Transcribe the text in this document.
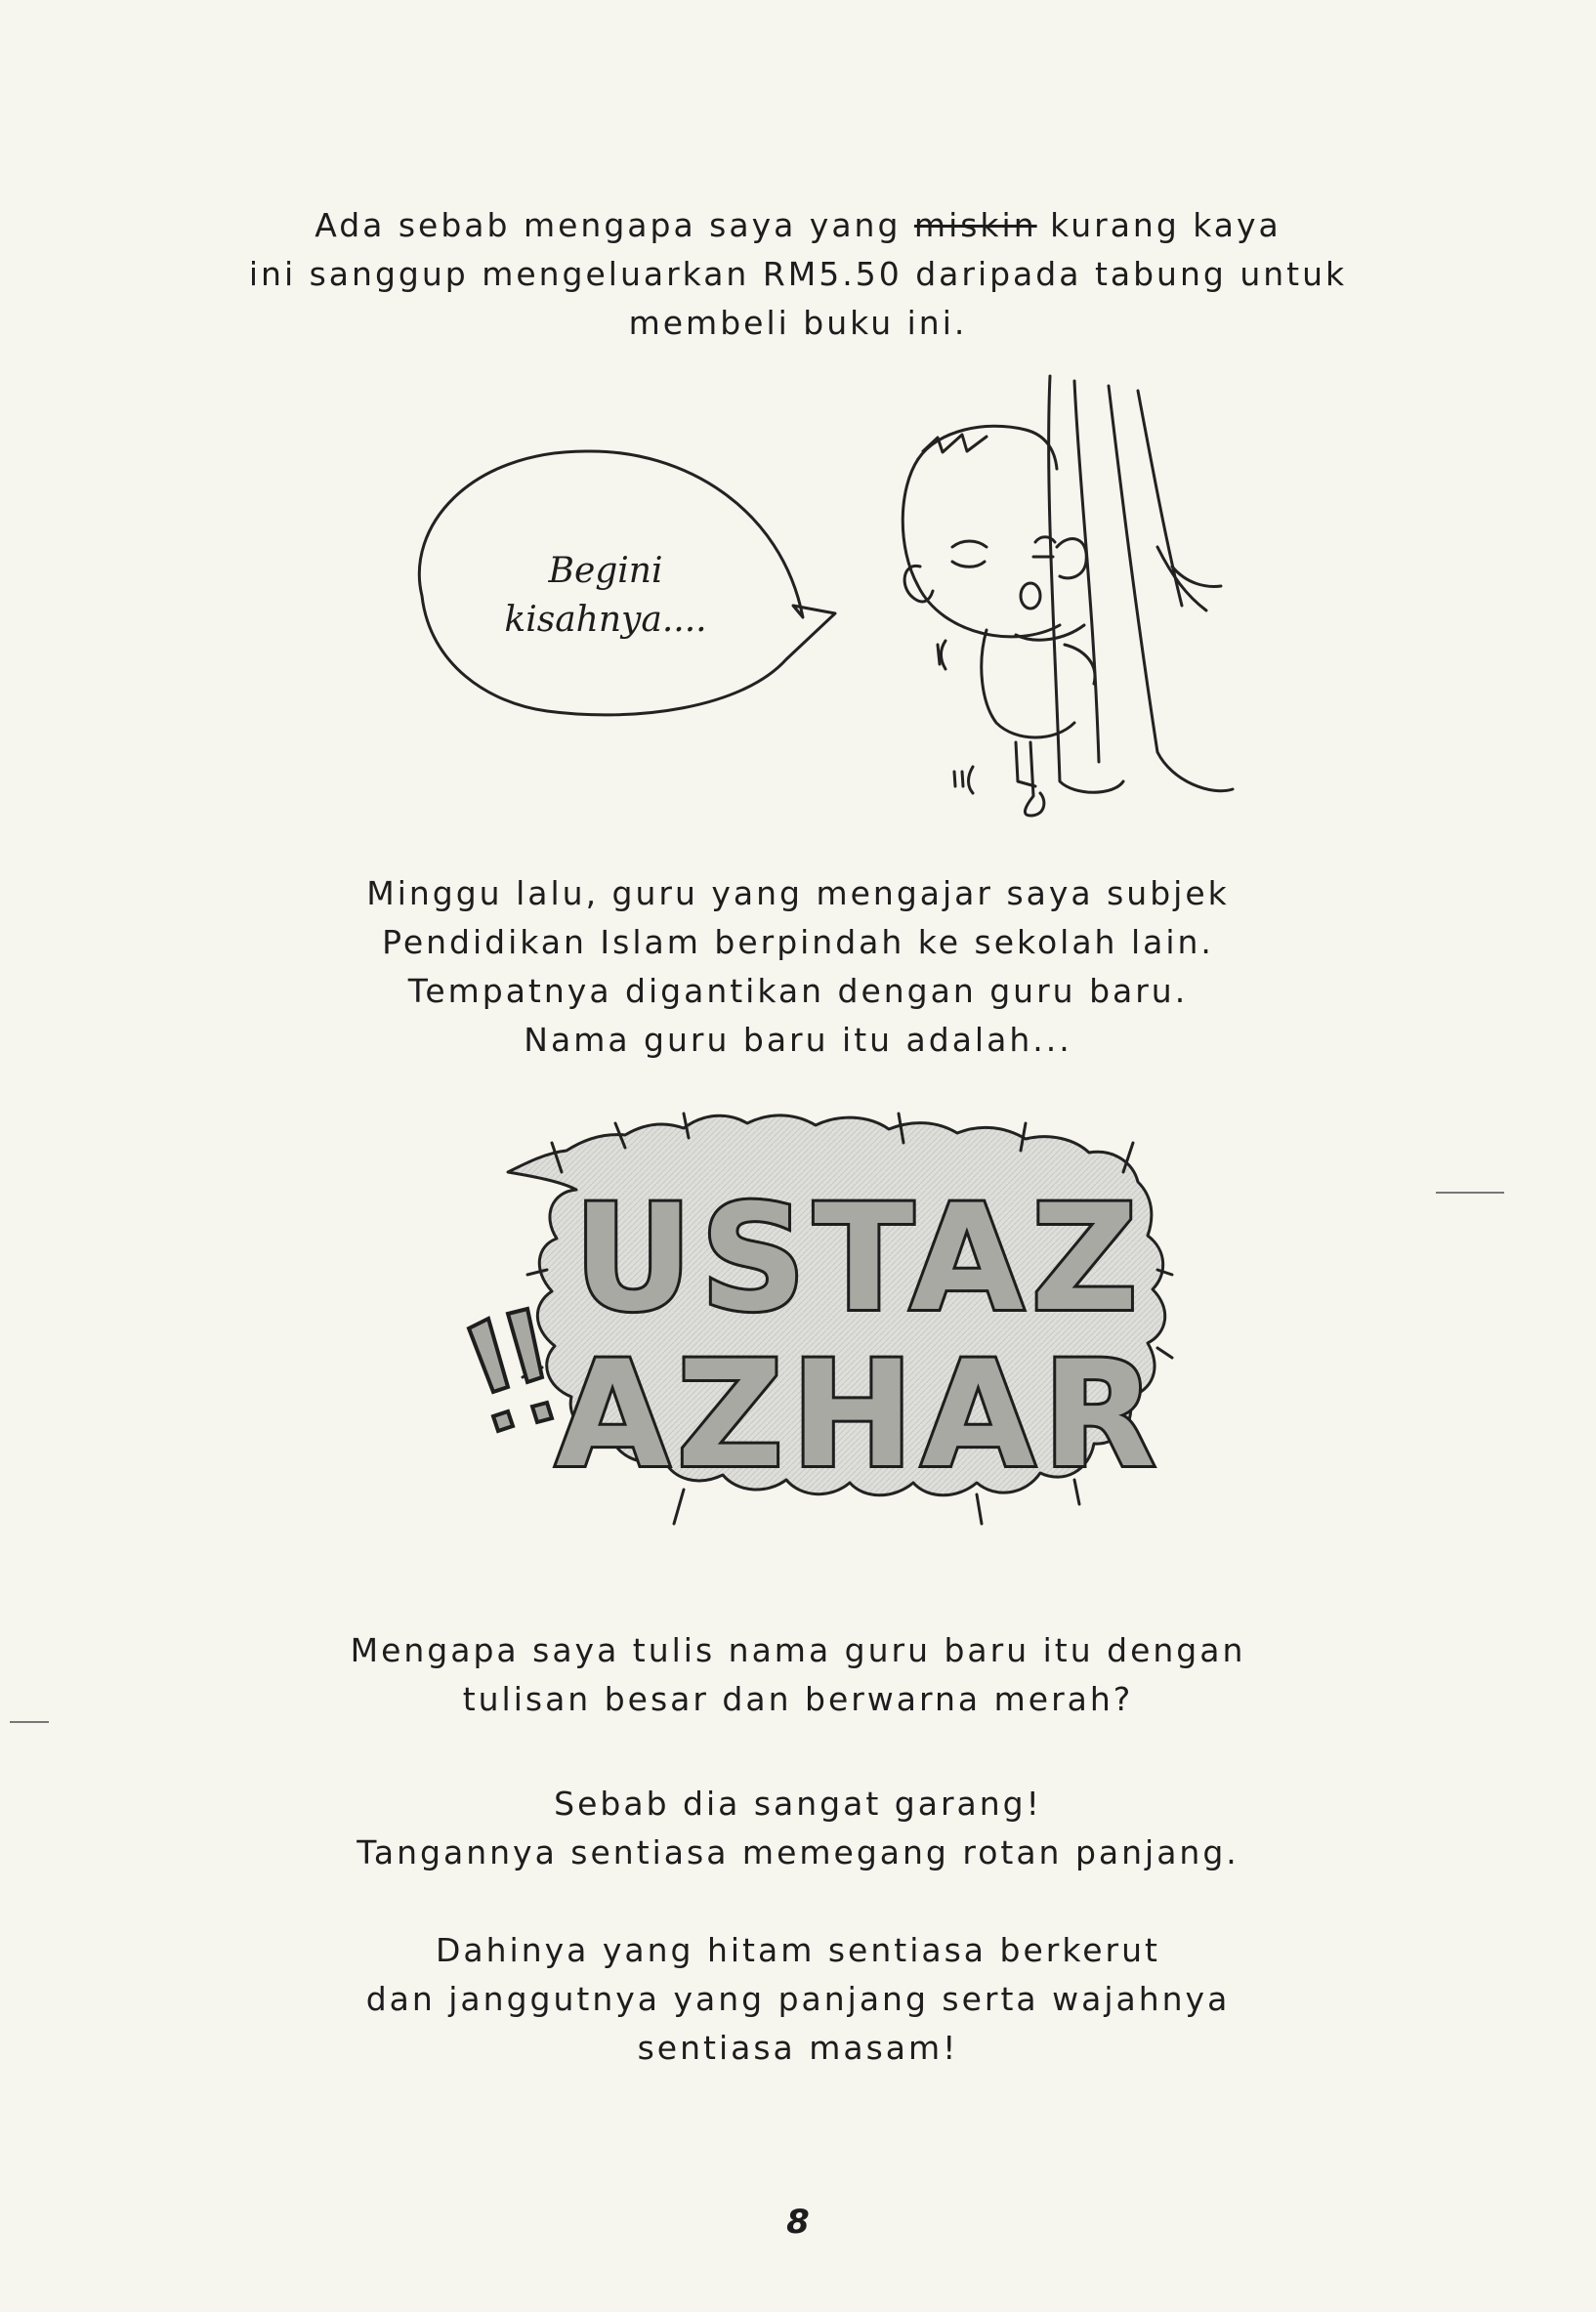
Ada sebab mengapa saya yang miskin kurang kaya
ini sanggup mengeluarkan RM5.50 daripada tabung untuk
membeli buku ini.
Begini
kisahnya....
Minggu lalu, guru yang mengajar saya subjek
Pendidikan Islam berpindah ke sekolah lain.
Tempatnya digantikan dengan guru baru.
Nama guru baru itu adalah...
USTAZ
AZHAR
Mengapa saya tulis nama guru baru itu dengan
tulisan besar dan berwarna merah?
Sebab dia sangat garang!
Tangannya sentiasa memegang rotan panjang.
Dahinya yang hitam sentiasa berkerut
dan janggutnya yang panjang serta wajahnya
sentiasa masam!
8
